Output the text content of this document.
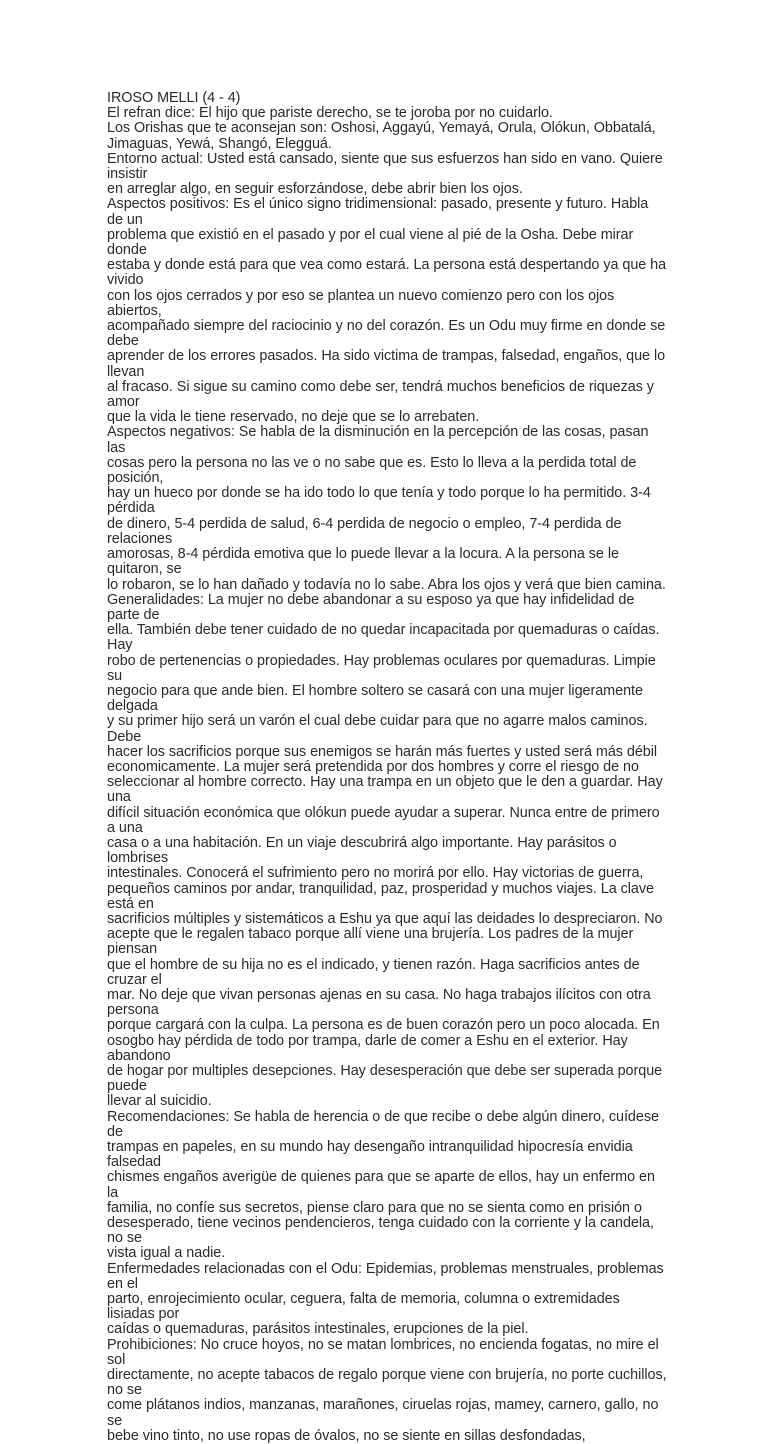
IROSO MELLI (4 - 4)

El refran dice: El hijo que pariste derecho, se te joroba por no cuidarlo.

Los Orishas que te aconsejan son: Oshosi, Aggayú, Yemayá, Orula, Olókun, Obbatalá,
Jimaguas, Yewá, Shangó, Elegguá.

Entorno actual: Usted está cansado, siente que sus esfuerzos han sido en vano. Quiere insistir
en arreglar algo, en seguir esforzándose, debe abrir bien los ojos.

Aspectos positivos: Es el único signo tridimensional: pasado, presente y futuro. Habla de un
problema que existió en el pasado y por el cual viene al pié de la Osha. Debe mirar donde
estaba y donde está para que vea como estará. La persona está despertando ya que ha vivido
con los ojos cerrados y por eso se plantea un nuevo comienzo pero con los ojos abiertos,
acompañado siempre del raciocinio y no del corazón. Es un Odu muy firme en donde se debe
aprender de los errores pasados. Ha sido victima de trampas, falsedad, engaños, que lo llevan
al fracaso. Si sigue su camino como debe ser, tendrá muchos beneficios de riquezas y amor
que la vida le tiene reservado, no deje que se lo arrebaten.

Aspectos negativos: Se habla de la disminución en la percepción de las cosas, pasan las
cosas pero la persona no las ve o no sabe que es. Esto lo lleva a la perdida total de posición,
hay un hueco por donde se ha ido todo lo que tenía y todo porque lo ha permitido. 3-4 pérdida
de dinero, 5-4 perdida de salud, 6-4 perdida de negocio o empleo, 7-4 perdida de relaciones
amorosas, 8-4 pérdida emotiva que lo puede llevar a la locura. A la persona se le quitaron, se
lo robaron, se lo han dañado y todavía no lo sabe. Abra los ojos y verá que bien camina.

Generalidades: La mujer no debe abandonar a su esposo ya que hay infidelidad de parte de
ella. También debe tener cuidado de no quedar incapacitada por quemaduras o caídas. Hay
robo de pertenencias o propiedades. Hay problemas oculares por quemaduras. Limpie su
negocio para que ande bien. El hombre soltero se casará con una mujer ligeramente delgada
y su primer hijo será un varón el cual debe cuidar para que no agarre malos caminos. Debe
hacer los sacrificios porque sus enemigos se harán más fuertes y usted será más débil
economicamente. La mujer será pretendida por dos hombres y corre el riesgo de no
seleccionar al hombre correcto. Hay una trampa en un objeto que le den a guardar. Hay una
difícil situación económica que olókun puede ayudar a superar. Nunca entre de primero a una
casa o a una habitación. En un viaje descubrirá algo importante. Hay parásitos o lombrises
intestinales. Conocerá el sufrimiento pero no morirá por ello. Hay victorias de guerra,
pequeños caminos por andar, tranquilidad, paz, prosperidad y muchos viajes. La clave está en
sacrificios múltiples y sistemáticos a Eshu ya que aquí las deidades lo despreciaron. No
acepte que le regalen tabaco porque allí viene una brujería. Los padres de la mujer piensan
que el hombre de su hija no es el indicado, y tienen razón. Haga sacrificios antes de cruzar el
mar. No deje que vivan personas ajenas en su casa. No haga trabajos ilícitos con otra persona
porque cargará con la culpa. La persona es de buen corazón pero un poco alocada. En
osogbo hay pérdida de todo por trampa, darle de comer a Eshu en el exterior. Hay abandono
de hogar por multiples desepciones. Hay desesperación que debe ser superada porque puede
llevar al suicidio.

Recomendaciones: Se habla de herencia o de que recibe o debe algún dinero, cuídese de
trampas en papeles, en su mundo hay desengaño intranquilidad hipocresía envidia falsedad
chismes engaños averigüe de quienes para que se aparte de ellos, hay un enfermo en la
familia, no confíe sus secretos, piense claro para que no se sienta como en prisión o
desesperado, tiene vecinos pendencieros, tenga cuidado con la corriente y la candela, no se
vista igual a nadie.

Enfermedades relacionadas con el Odu: Epidemias, problemas menstruales, problemas en el
parto, enrojecimiento ocular, ceguera, falta de memoria, columna o extremidades lisiadas por
caídas o quemaduras, parásitos intestinales, erupciones de la piel.

Prohibiciones: No cruce hoyos, no se matan lombrices, no encienda fogatas, no mire el sol
directamente, no acepte tabacos de regalo porque viene con brujería, no porte cuchillos, no se
come plátanos indios, manzanas, marañones, ciruelas rojas, mamey, carnero, gallo, no se
bebe vino tinto, no use ropas de óvalos, no se siente en sillas desfondadas,
